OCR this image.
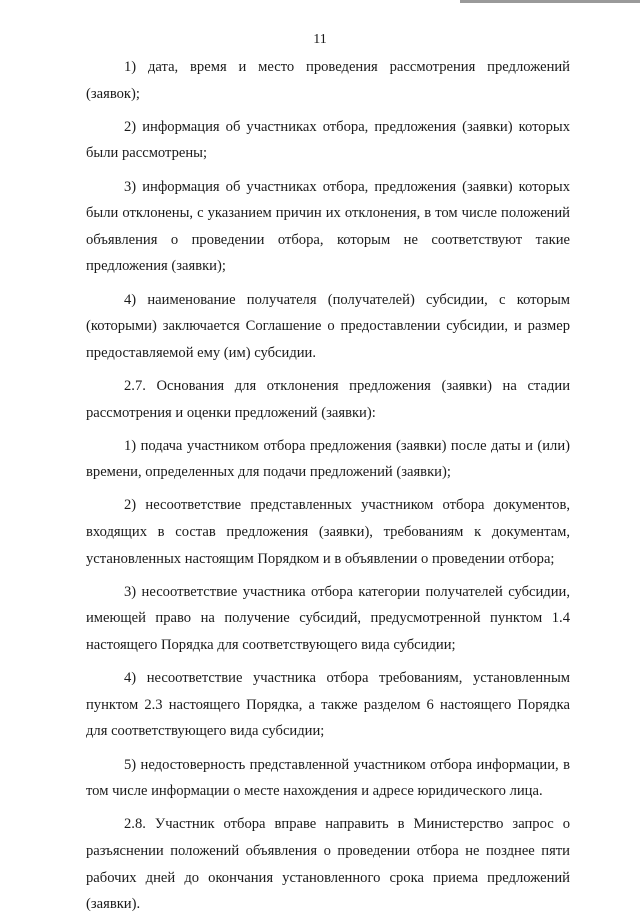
11

1) дата, время и место проведения рассмотрения предложений (заявок);

2) информация об участниках отбора, предложения (заявки) которых были рассмотрены;

3) информация об участниках отбора, предложения (заявки) которых были отклонены, с указанием причин их отклонения, в том числе положений объявления о проведении отбора, которым не соответствуют такие предложения (заявки);

4) наименование получателя (получателей) субсидии, с которым (которыми) заключается Соглашение о предоставлении субсидии, и размер предоставляемой ему (им) субсидии.

2.7. Основания для отклонения предложения (заявки) на стадии рассмотрения и оценки предложений (заявки):

1) подача участником отбора предложения (заявки) после даты и (или) времени, определенных для подачи предложений (заявки);

2) несоответствие представленных участником отбора документов, входящих в состав предложения (заявки), требованиям к документам, установленных настоящим Порядком и в объявлении о проведении отбора;

3) несоответствие участника отбора категории получателей субсидии, имеющей право на получение субсидий, предусмотренной пунктом 1.4 настоящего Порядка для соответствующего вида субсидии;

4) несоответствие участника отбора требованиям, установленным пунктом 2.3 настоящего Порядка, а также разделом 6 настоящего Порядка для соответствующего вида субсидии;

5) недостоверность представленной участником отбора информации, в том числе информации о месте нахождения и адресе юридического лица.

2.8. Участник отбора вправе направить в Министерство запрос о разъяснении положений объявления о проведении отбора не позднее пяти рабочих дней до окончания установленного срока приема предложений (заявки).
